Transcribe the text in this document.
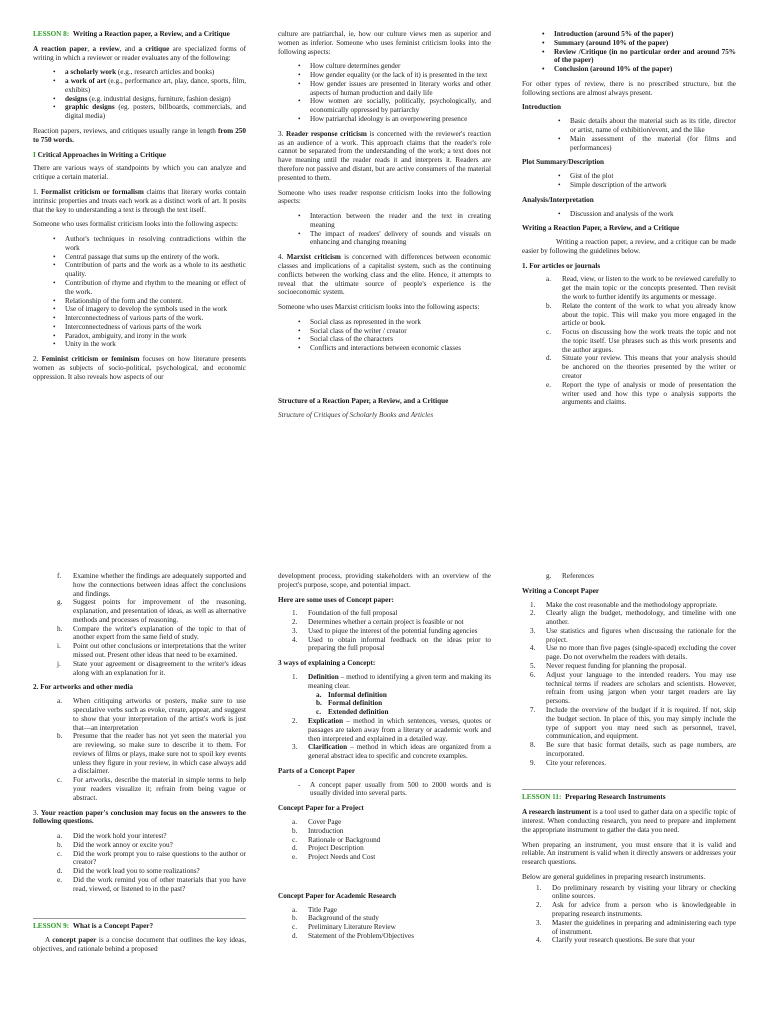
LESSON 8: Writing a Reaction paper, a Review, and a Critique

A reaction paper, a review, and a critique are specialized forms of writing in which a reviewer or reader evaluates any of the following:

• a scholarly work (e.g., research articles and books)
• a work of art (e.g., performance art, play, dance, sports, film, exhibits)
• designs (e.g. industrial designs, furniture, fashion design)
• graphic designs (eg. posters, billboards, commercials, and digital media)

Reaction papers, reviews, and critiques usually range in length from 250 to 750 words.

I Critical Approaches in Writing a Critique

There are various ways of standpoints by which you can analyze and critique a certain material.

1. Formalist criticism or formalism claims that literary works contain intrinsic properties and treats each work as a distinct work of art. It posits that the key to understanding a text is through the text itself.

Someone who uses formalist criticism looks into the following aspects:

• Author's techniques in resolving contradictions within the work
• Central passage that sums up the entirety of the work.
• Contribution of parts and the work as a whole to its aesthetic quality.
• Contribution of rhyme and rhythm to the meaning or effect of the work.
• Relationship of the form and the content.
• Use of imagery to develop the symbols used in the work
• Interconnectedness of various parts of the work.
• Interconnectedness of various parts of the work
• Paradox, ambiguity, and irony in the work
• Unity in the work

2. Feminist criticism or feminism focuses on how literature presents women as subjects of socio-political, psychological, and economic oppression. It also reveals how aspects of our

culture are patriarchal, ie, how our culture views men as superior and women as inferior. Someone who uses feminist criticism looks into the following aspects:

• How culture determines gender
• How gender equality (or the lack of it) is presented in the text
• How gender issues are presented in literary works and other aspects of human production and daily life
• How women are socially, politically, psychologically, and economically oppressed by patriarchy
• How patriarchal ideology is an overpowering presence

3. Reader response criticism is concerned with the reviewer's reaction as an audience of a work. This approach claims that the reader's role cannot be separated from the understanding of the work; a text does not have meaning until the reader reads it and interprets it. Readers are therefore not passive and distant, but are active consumers of the material presented to them.

Someone who uses reader response criticism looks into the following aspects:

• Interaction between the reader and the text in creating meaning
• The impact of readers' delivery of sounds and visuals on enhancing and changing meaning

4. Marxist criticism is concerned with differences between economic classes and implications of a capitalist system, such as the continuing conflicts between the working class and the elite. Hence, it attempts to reveal that the ultimate source of people's experience is the socioeconomic system.

Someone who uses Marxist criticism looks into the following aspects:

• Social class as represented in the work
• Social class of the writer / creator
• Social class of the characters
• Conflicts and interactions between economic classes
Structure of a Reaction Paper, a Review, and a Critique

Structure of Critiques of Scholarly Books and Articles

• Introduction (around 5% of the paper)
• Summary (around 10% of the paper)
• Review /Critique (in no particular order and around 75% of the paper)
• Conclusion (around 10% of the paper)

For other types of review, there is no prescribed structure, but the following sections are almost always present.

Introduction
• Basic details about the material such as its title, director or artist, name of exhibition/event, and the like
• Main assessment of the material (for films and performances)
Plot Summary/Description
• Gist of the plot
• Simple description of the artwork
Analysis/Interpretation
• Discussion and analysis of the work
Writing a Reaction Paper, a Review, and a Critique

Writing a reaction paper, a review, and a critique can be made easier by following the guidelines below.

1. For articles or journals
a. Read, view, or listen to the work to be reviewed carefully to get the main topic or the concepts presented. Then revisit the work to further identify its arguments or message.
b. Relate the content of the work to what you already know about the topic. This will make you more engaged in the article or book.
c. Focus on discussing how the work treats the topic and not the topic itself. Use phrases such as this work presents and the author argues.
d. Situate your review. This means that your analysis should be anchored on the theories presented by the writer or creator
e. Report the type of analysis or mode of presentation the writer used and how this type o analysis supports the arguments and claims.
f. Examine whether the findings are adequately supported and how the connections between ideas affect the conclusions and findings.
g. Suggest points for improvement of the reasoning, explanation, and presentation of ideas, as well as alternative methods and processes of reasoning.
h. Compare the writer's explanation of the topic to that of another expert from the same field of study.
i. Point out other conclusions or interpretations that the writer missed out. Present other ideas that need to be examined.
j. State your agreement or disagreement to the writer's ideas along with an explanation for it.
2. For artworks and other media
a. When critiquing artworks or posters, make sure to use speculative verbs such as evoke, create, appear, and suggest to show that your interpretation of the artist's work is just that—an interpretation
b. Presume that the reader has not yet seen the material you are reviewing, so make sure to describe it to them. For reviews of films or plays, make sure not to spoil key events unless they figure in your review, in which case always add a disclaimer.
c. For artworks, describe the material in simple terms to help your readers visualize it; refrain from being vague or abstract.

3. Your reaction paper's conclusion may focus on the answers to the following questions.

a. Did the work hold your interest?
b. Did the work annoy or excite you?
c. Did the work prompt you to raise questions to the author or creator?
d. Did the work lead you to some realizations?
e. Did the work remind you of other materials that you have read, viewed, or listened to in the past?
LESSON 9: What is a Concept Paper?

A concept paper is a concise document that outlines the key ideas, objectives, and rationale behind a proposed

development process, providing stakeholders with an overview of the project's purpose, scope, and potential impact.

Here are some uses of Concept paper:
1. Foundation of the full proposal
2. Determines whether a certain project is feasible or not
3. Used to pique the interest of the potential funding agencies
4. Used to obtain informal feedback on the ideas prior to preparing the full proposal
3 ways of explaining a Concept:
1. Definition – method to identifying a given term and making its meaning clear.
a. Informal definition
b. Formal definition
c. Extended definition
2. Explication – method in which sentences, verses, quotes or passages are taken away from a literary or academic work and then interpreted and explained in a detailed way.
3. Clarification – method in which ideas are organized from a general abstract idea to specific and concrete examples.
Parts of a Concept Paper
- A concept paper usually from 500 to 2000 words and is usually divided into several parts.
Concept Paper for a Project
a. Cover Page
b. Introduction
c. Rationale or Background
d. Project Description
e. Project Needs and Cost
Concept Paper for Academic Research
a. Title Page
b. Background of the study
c. Preliminary Literature Review
d. Statement of the Problem/Objectives
g. References
Writing a Concept Paper
1. Make the cost reasonable and the methodology appropriate.
2. Clearly align the budget, methodology, and timeline with one another.
3. Use statistics and figures when discussing the rationale for the project.
4. Use no more than five pages (single-spaced) excluding the cover page. Do not overwhelm the readers with details.
5. Never request funding for planning the proposal.
6. Adjust your language to the intended readers. You may use technical terms if readers are scholars and scientists. However, refrain from using jargon when your target readers are lay persons.
7. Include the overview of the budget if it is required. If not, skip the budget section. In place of this, you may simply include the type of support you may need such as personnel, travel, communication, and equipment.
8. Be sure that basic format details, such as page numbers, are incorporated.
9. Cite your references.
LESSON 11: Preparing Research Instruments

A research instrument is a tool used to gather data on a specific topic of interest. When conducting research, you need to prepare and implement the appropriate instrument to gather the data you need.

When preparing an instrument, you must ensure that it is valid and reliable. An instrument is valid when it directly answers or addresses your research questions.

Below are general guidelines in preparing research instruments.

1. Do preliminary research by visiting your library or checking online sources.
2. Ask for advice from a person who is knowledgeable in preparing research instruments.
3. Master the guidelines in preparing and administering each type of instrument.
4. Clarify your research questions. Be sure that your
